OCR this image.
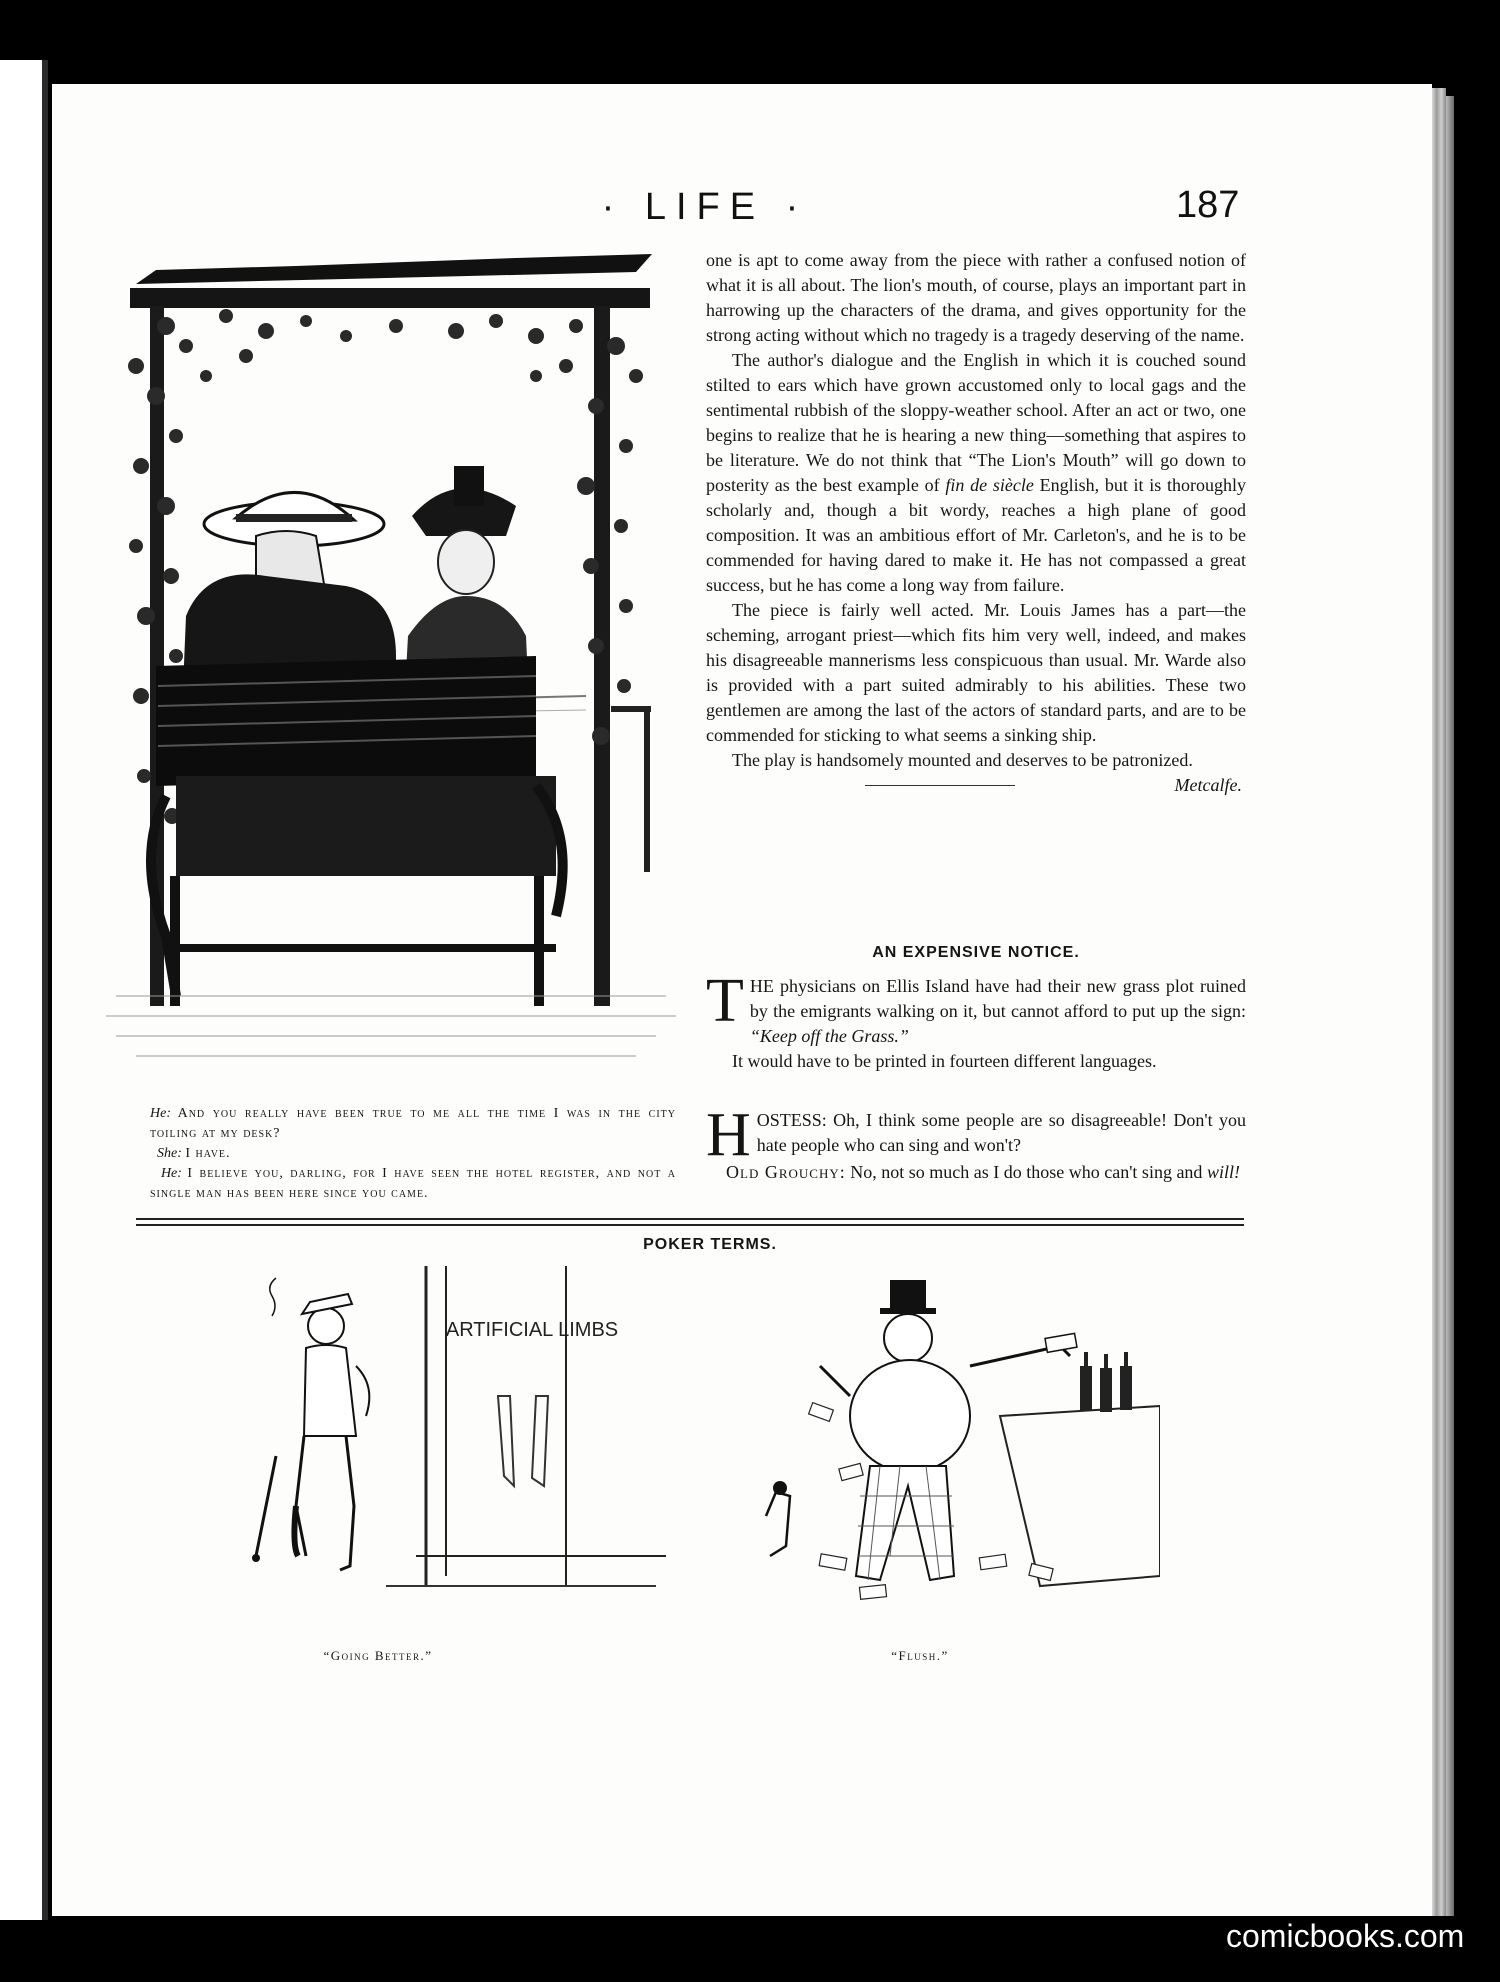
· LIFE ·	187

He: And you really have been true to me all the time I was in the city toiling at my desk?

She: I have.

He: I believe you, darling, for I have seen the hotel register, and not a single man has been here since you came.

one is apt to come away from the piece with rather a confused notion of what it is all about. The lion's mouth, of course, plays an important part in harrowing up the characters of the drama, and gives opportunity for the strong acting without which no tragedy is a tragedy deserving of the name.

The author's dialogue and the English in which it is couched sound stilted to ears which have grown accustomed only to local gags and the sentimental rubbish of the sloppy-weather school. After an act or two, one begins to realize that he is hearing a new thing—something that aspires to be literature. We do not think that “The Lion's Mouth” will go down to posterity as the best example of fin de siècle English, but it is thoroughly scholarly and, though a bit wordy, reaches a high plane of good composition. It was an ambitious effort of Mr. Carleton's, and he is to be commended for having dared to make it. He has not compassed a great success, but he has come a long way from failure.

The piece is fairly well acted. Mr. Louis James has a part—the scheming, arrogant priest—which fits him very well, indeed, and makes his disagreeable mannerisms less conspicuous than usual. Mr. Warde also is provided with a part suited admirably to his abilities. These two gentlemen are among the last of the actors of standard parts, and are to be commended for sticking to what seems a sinking ship.

The play is handsomely mounted and deserves to be patronized.

Metcalfe.
AN EXPENSIVE NOTICE.

THE physicians on Ellis Island have had their new grass plot ruined by the emigrants walking on it, but cannot afford to put up the sign: “Keep off the Grass.”

It would have to be printed in fourteen different languages.

HOSTESS: Oh, I think some people are so disagreeable! Don't you hate people who can sing and won't?

Old Grouchy: No, not so much as I do those who can't sing and will!

POKER TERMS.
ARTIFICIAL LIMBS
“Going Better.”	“Flush.”
comicbooks.com
